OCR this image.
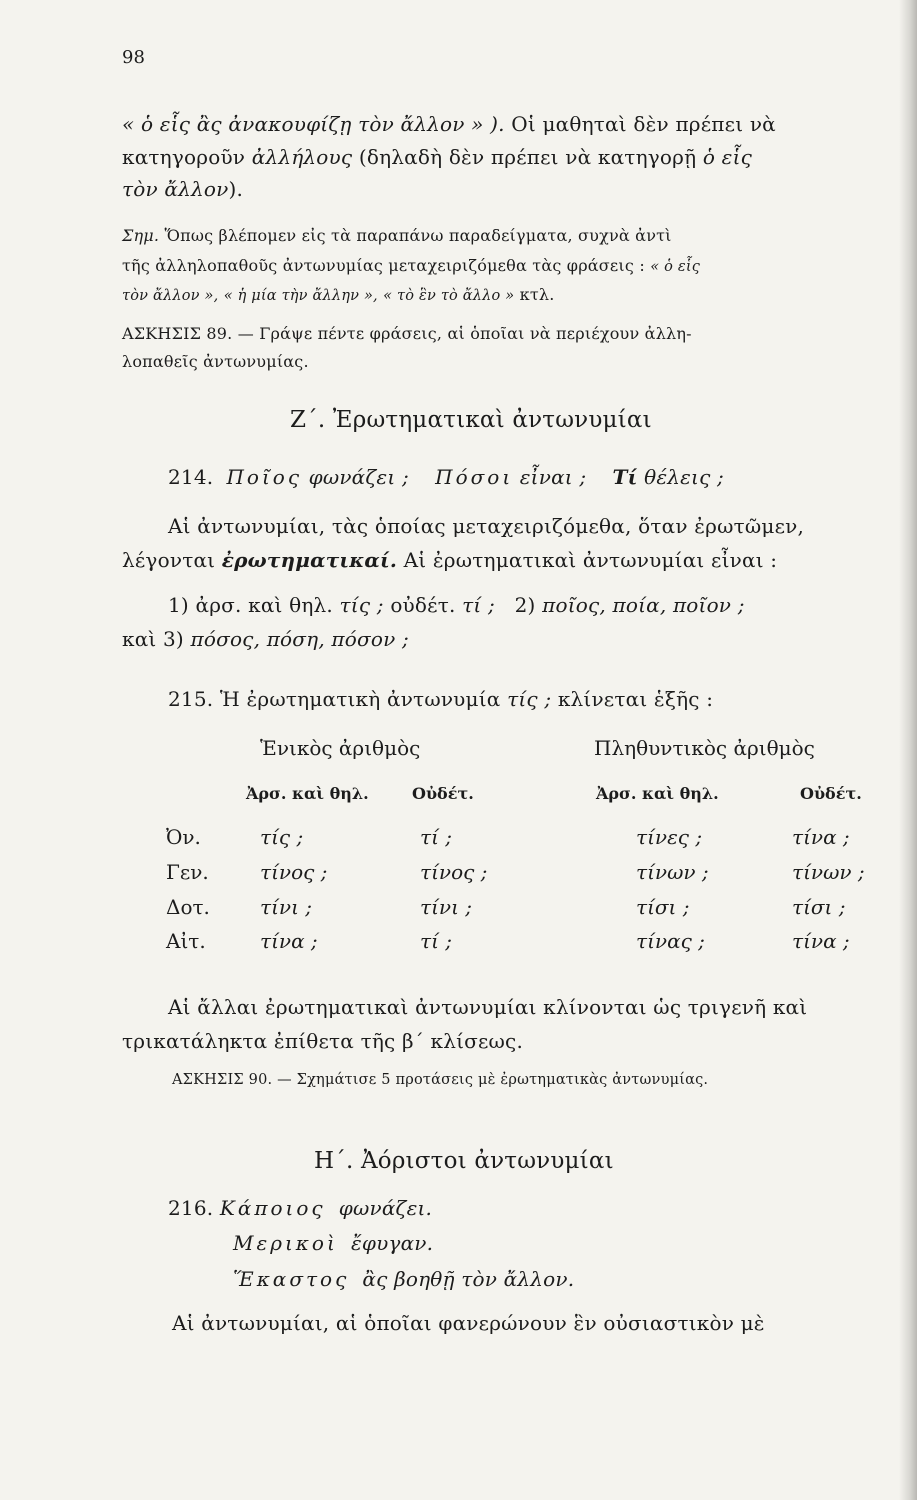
98
« ὁ εἷς ἂς ἀνακουφίζῃ τὸν ἄλλον » ). Οἱ μαθηταὶ δὲν πρέπει νὰ
κατηγοροῦν ἀλλήλους (δηλαδὴ δὲν πρέπει νὰ κατηγορῇ ὁ εἷς
τὸν ἄλλον).
Σημ. Ὅπως βλέπομεν εἰς τὰ παραπάνω παραδείγματα, συχνὰ ἀντὶ
τῆς ἀλληλοπαθοῦς ἀντωνυμίας μεταχειριζόμεθα τὰς φράσεις : « ὁ εἷς
τὸν ἄλλον », « ἡ μία τὴν ἄλλην », « τὸ ἓν τὸ ἄλλο » κτλ.
ΑΣΚΗΣΙΣ 89. — Γράψε πέντε φράσεις, αἱ ὁποῖαι νὰ περιέχουν ἀλλη-
λοπαθεῖς ἀντωνυμίας.
Ζ΄. Ἐρωτηματικαὶ ἀντωνυμίαι
214. Ποῖος φωνάζει ; Πόσοι εἶναι ; Τί θέλεις ;
Αἱ ἀντωνυμίαι, τὰς ὁποίας μεταχειριζόμεθα, ὅταν ἐρωτῶμεν,
λέγονται ἐρωτηματικαί. Αἱ ἐρωτηματικαὶ ἀντωνυμίαι εἶναι :
1) ἀρσ. καὶ θηλ. τίς ; οὐδέτ. τί ; 2) ποῖος, ποία, ποῖον ;
καὶ 3) πόσος, πόση, πόσον ;
215. Ἡ ἐρωτηματικὴ ἀντωνυμία τίς ; κλίνεται ἑξῆς :
Ἑνικὸς ἀριθμὸς	Πληθυντικὸς ἀριθμὸς
Ἀρσ. καὶ θηλ.	Οὐδέτ.	Ἀρσ. καὶ θηλ.	Οὐδέτ.
Ὀν.	τίς ;	τί ;	τίνες ;	τίνα ;
Γεν.	τίνος ;	τίνος ;	τίνων ;	τίνων ;
Δοτ.	τίνι ;	τίνι ;	τίσι ;	τίσι ;
Αἰτ.	τίνα ;	τί ;	τίνας ;	τίνα ;
Αἱ ἄλλαι ἐρωτηματικαὶ ἀντωνυμίαι κλίνονται ὡς τριγενῆ καὶ
τρικατάληκτα ἐπίθετα τῆς β΄ κλίσεως.
ΑΣΚΗΣΙΣ 90. — Σχημάτισε 5 προτάσεις μὲ ἐρωτηματικὰς ἀντωνυμίας.
Η΄. Ἀόριστοι ἀντωνυμίαι
216. Κάποιος φωνάζει.
Μερικοὶ ἔφυγαν.
Ἕκαστος ἂς βοηθῇ τὸν ἄλλον.
Αἱ ἀντωνυμίαι, αἱ ὁποῖαι φανερώνουν ἓν οὐσιαστικὸν μὲ
